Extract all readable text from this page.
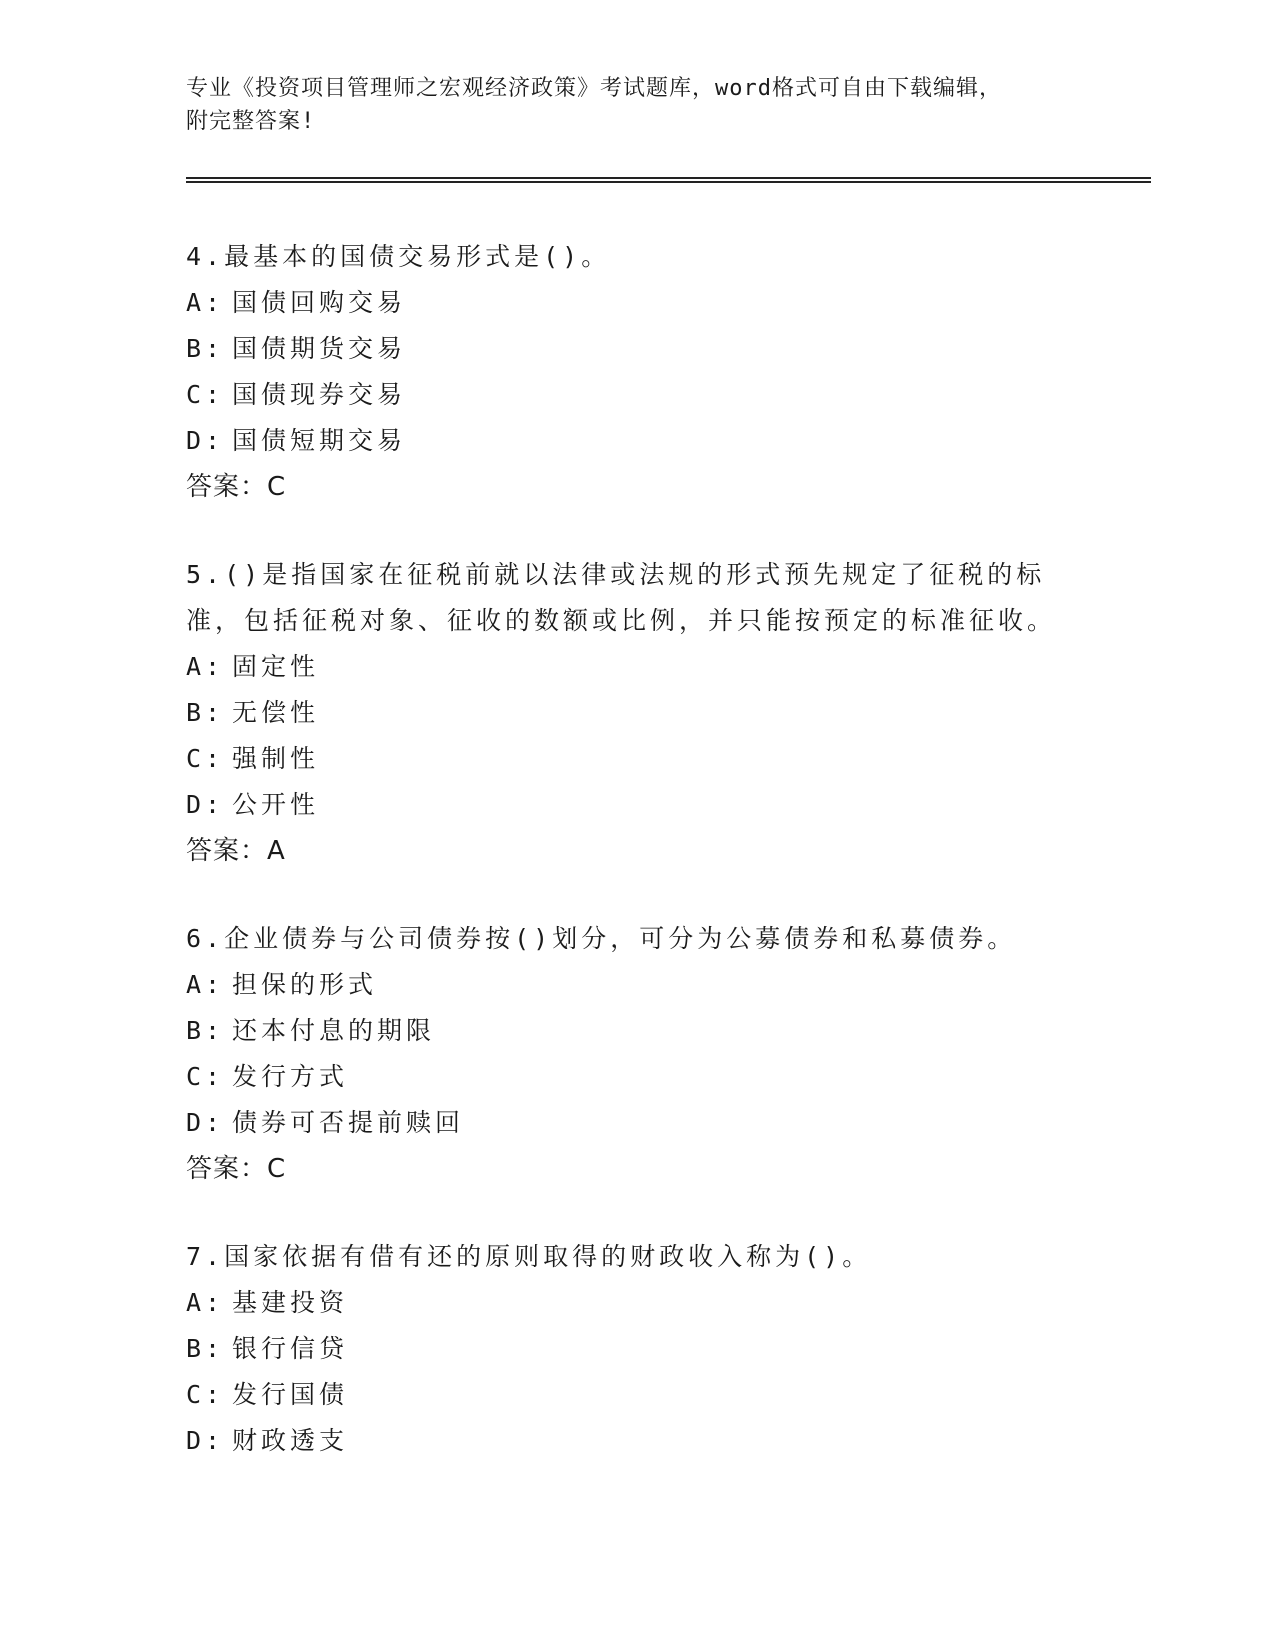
专业《投资项目管理师之宏观经济政策》考试题库，word格式可自由下载编辑，
附完整答案!
4.最基本的国债交易形式是()。
A: 国债回购交易
B: 国债期货交易
C: 国债现券交易
D: 国债短期交易
答案：C
5.()是指国家在征税前就以法律或法规的形式预先规定了征税的标准，包括征税对象、征收的数额或比例，并只能按预定的标准征收。
A: 固定性
B: 无偿性
C: 强制性
D: 公开性
答案：A
6.企业债券与公司债券按()划分，可分为公募债券和私募债券。
A: 担保的形式
B: 还本付息的期限
C: 发行方式
D: 债券可否提前赎回
答案：C
7.国家依据有借有还的原则取得的财政收入称为()。
A: 基建投资
B: 银行信贷
C: 发行国债
D: 财政透支
